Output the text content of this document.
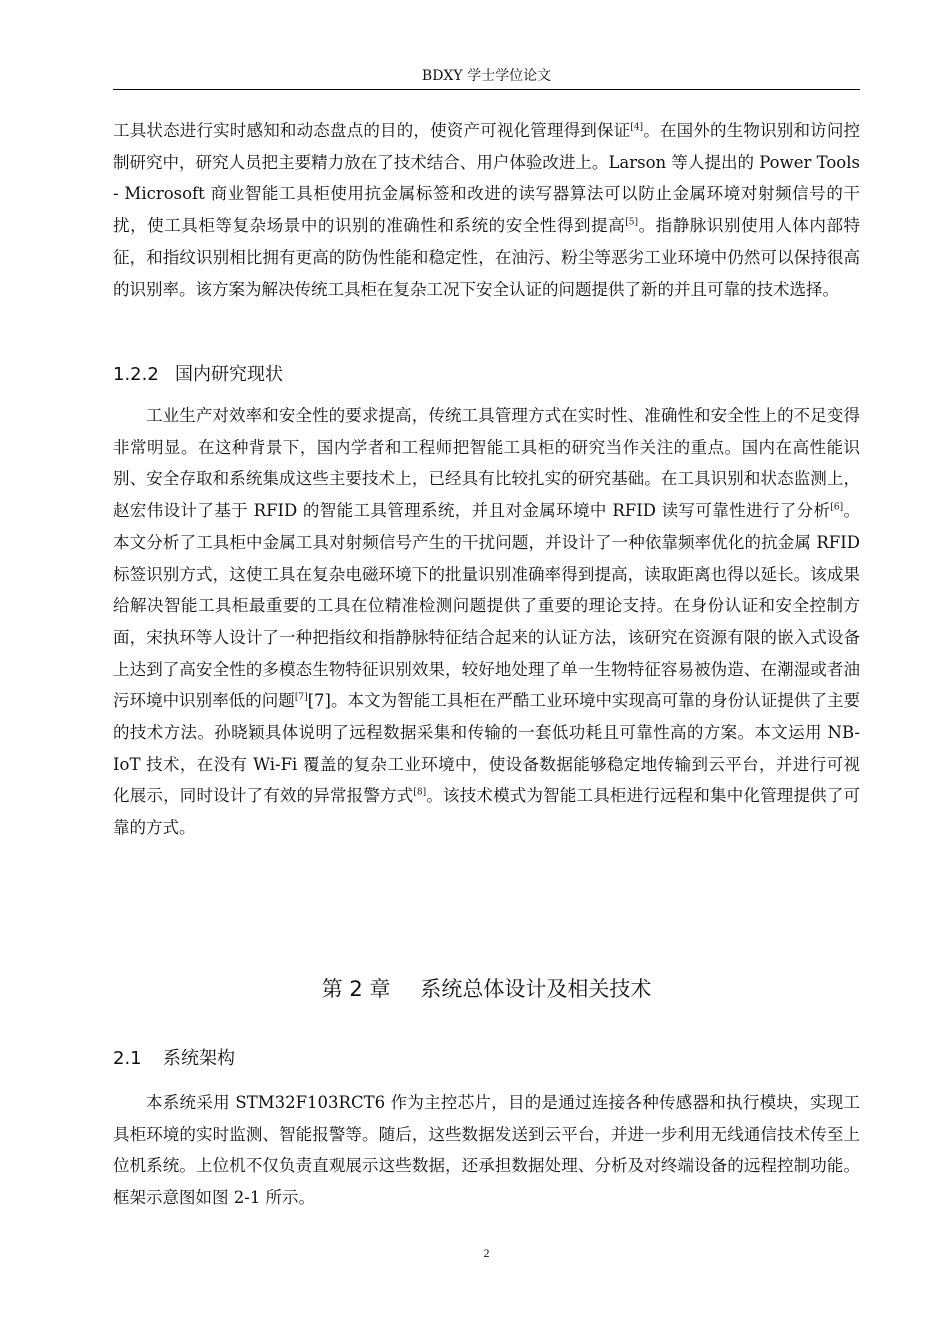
BDXY 学士学位论文

工具状态进行实时感知和动态盘点的目的，使资产可视化管理得到保证[4]。在国外的生物识别和访问控制研究中，研究人员把主要精力放在了技术结合、用户体验改进上。Larson 等人提出的 Power Tools - Microsoft 商业智能工具柜使用抗金属标签和改进的读写器算法可以防止金属环境对射频信号的干扰，使工具柜等复杂场景中的识别的准确性和系统的安全性得到提高[5]。指静脉识别使用人体内部特征，和指纹识别相比拥有更高的防伪性能和稳定性，在油污、粉尘等恶劣工业环境中仍然可以保持很高的识别率。该方案为解决传统工具柜在复杂工况下安全认证的问题提供了新的并且可靠的技术选择。

1.2.2 国内研究现状

工业生产对效率和安全性的要求提高，传统工具管理方式在实时性、准确性和安全性上的不足变得非常明显。在这种背景下，国内学者和工程师把智能工具柜的研究当作关注的重点。国内在高性能识别、安全存取和系统集成这些主要技术上，已经具有比较扎实的研究基础。在工具识别和状态监测上，赵宏伟设计了基于 RFID 的智能工具管理系统，并且对金属环境中 RFID 读写可靠性进行了分析[6]。本文分析了工具柜中金属工具对射频信号产生的干扰问题，并设计了一种依靠频率优化的抗金属 RFID 标签识别方式，这使工具在复杂电磁环境下的批量识别准确率得到提高，读取距离也得以延长。该成果给解决智能工具柜最重要的工具在位精准检测问题提供了重要的理论支持。在身份认证和安全控制方面，宋执环等人设计了一种把指纹和指静脉特征结合起来的认证方法，该研究在资源有限的嵌入式设备上达到了高安全性的多模态生物特征识别效果，较好地处理了单一生物特征容易被伪造、在潮湿或者油污环境中识别率低的问题[7][7]。本文为智能工具柜在严酷工业环境中实现高可靠的身份认证提供了主要的技术方法。孙晓颖具体说明了远程数据采集和传输的一套低功耗且可靠性高的方案。本文运用 NB-IoT 技术，在没有 Wi-Fi 覆盖的复杂工业环境中，使设备数据能够稳定地传输到云平台，并进行可视化展示，同时设计了有效的异常报警方式[8]。该技术模式为智能工具柜进行远程和集中化管理提供了可靠的方式。

第 2 章 系统总体设计及相关技术
2.1 系统架构

本系统采用 STM32F103RCT6 作为主控芯片，目的是通过连接各种传感器和执行模块，实现工具柜环境的实时监测、智能报警等。随后，这些数据发送到云平台，并进一步利用无线通信技术传至上位机系统。上位机不仅负责直观展示这些数据，还承担数据处理、分析及对终端设备的远程控制功能。框架示意图如图 2-1 所示。

2
